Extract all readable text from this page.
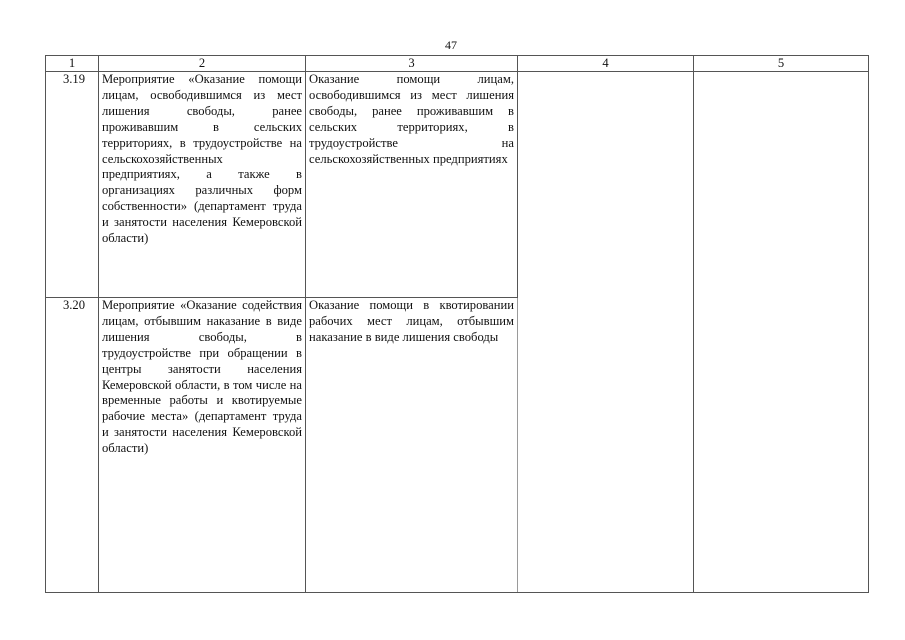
47
1	2	3	4	5
3.19	Мероприятие «Оказание помощи лицам, освободившимся из мест лишения свободы, ранее проживавшим в сельских территориях, в трудоустройстве на сельскохозяйственных предприятиях, а также в организациях различных форм собственности» (департамент труда и занятости населения Кемеровской области)	Оказание помощи лицам, освободившимся из мест лишения свободы, ранее проживавшим в сельских территориях, в трудоустройстве на сельскохозяйственных предприятиях		

3.20	Мероприятие «Оказание содействия лицам, отбывшим наказание в виде лишения свободы, в трудоустройстве при обращении в центры занятости населения Кемеровской области, в том числе на временные работы и квотируемые рабочие места» (департамент труда и занятости населения Кемеровской области)	Оказание помощи в квотировании рабочих мест лицам, отбывшим наказание в виде лишения свободы		
